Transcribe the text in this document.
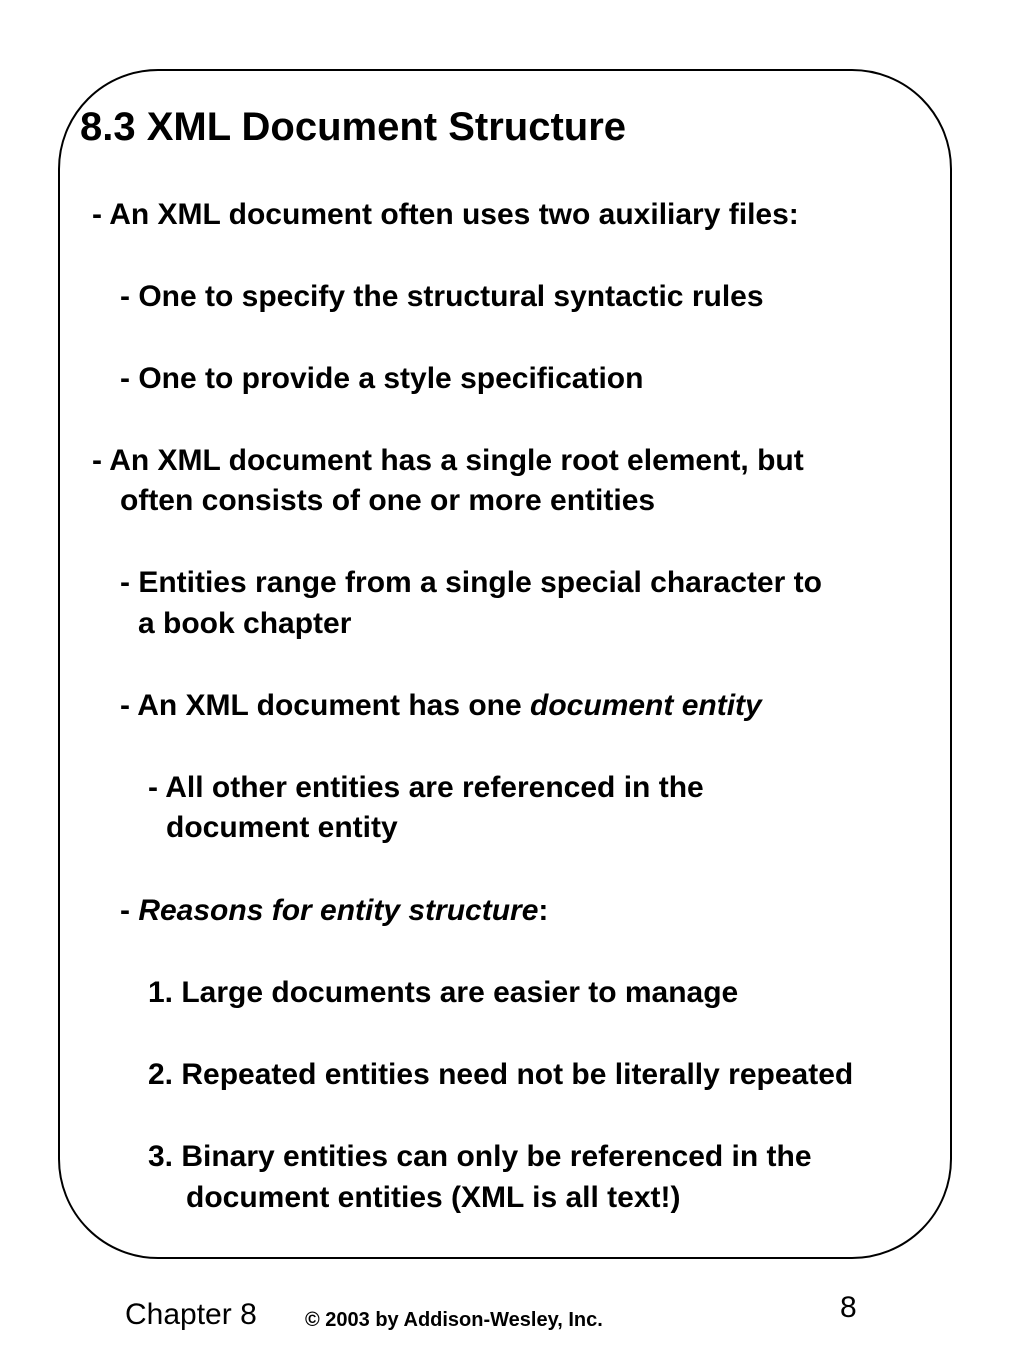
8.3 XML Document Structure
- An XML document often uses two auxiliary files:
- One to specify the structural syntactic rules
- One to provide a style specification
- An XML document has a single root element, but
often consists of one or more entities
- Entities range from a single special character to
a book chapter
- An XML document has one document entity
- All other entities are referenced in the
document entity
- Reasons for entity structure:
1. Large documents are easier to manage
2. Repeated entities need not be literally repeated
3. Binary entities can only be referenced in the
document entities (XML is all text!)
Chapter 8 © 2003 by Addison-Wesley, Inc.	8
